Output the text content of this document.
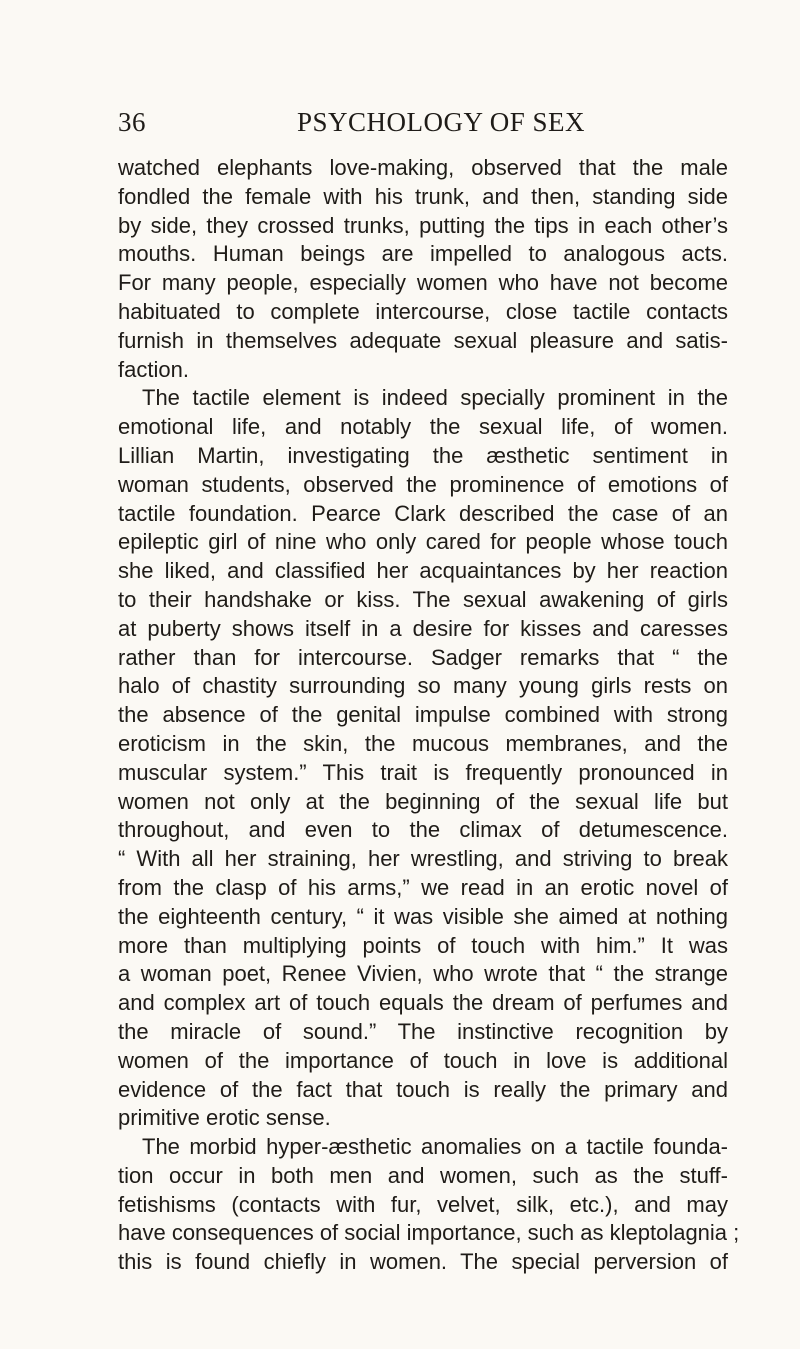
36	PSYCHOLOGY OF SEX
watched elephants love-making, observed that the male
fondled the female with his trunk, and then, standing side
by side, they crossed trunks, putting the tips in each other’s
mouths. Human beings are impelled to analogous acts.
For many people, especially women who have not become
habituated to complete intercourse, close tactile contacts
furnish in themselves adequate sexual pleasure and satis-
faction.
The tactile element is indeed specially prominent in the
emotional life, and notably the sexual life, of women.
Lillian Martin, investigating the æsthetic sentiment in
woman students, observed the prominence of emotions of
tactile foundation. Pearce Clark described the case of an
epileptic girl of nine who only cared for people whose touch
she liked, and classified her acquaintances by her reaction
to their handshake or kiss. The sexual awakening of girls
at puberty shows itself in a desire for kisses and caresses
rather than for intercourse. Sadger remarks that “ the
halo of chastity surrounding so many young girls rests on
the absence of the genital impulse combined with strong
eroticism in the skin, the mucous membranes, and the
muscular system.” This trait is frequently pronounced in
women not only at the beginning of the sexual life but
throughout, and even to the climax of detumescence.
“ With all her straining, her wrestling, and striving to break
from the clasp of his arms,” we read in an erotic novel of
the eighteenth century, “ it was visible she aimed at nothing
more than multiplying points of touch with him.” It was
a woman poet, Renee Vivien, who wrote that “ the strange
and complex art of touch equals the dream of perfumes and
the miracle of sound.” The instinctive recognition by
women of the importance of touch in love is additional
evidence of the fact that touch is really the primary and
primitive erotic sense.
The morbid hyper-æsthetic anomalies on a tactile founda-
tion occur in both men and women, such as the stuff-
fetishisms (contacts with fur, velvet, silk, etc.), and may
have consequences of social importance, such as kleptolagnia ;
this is found chiefly in women. The special perversion of
